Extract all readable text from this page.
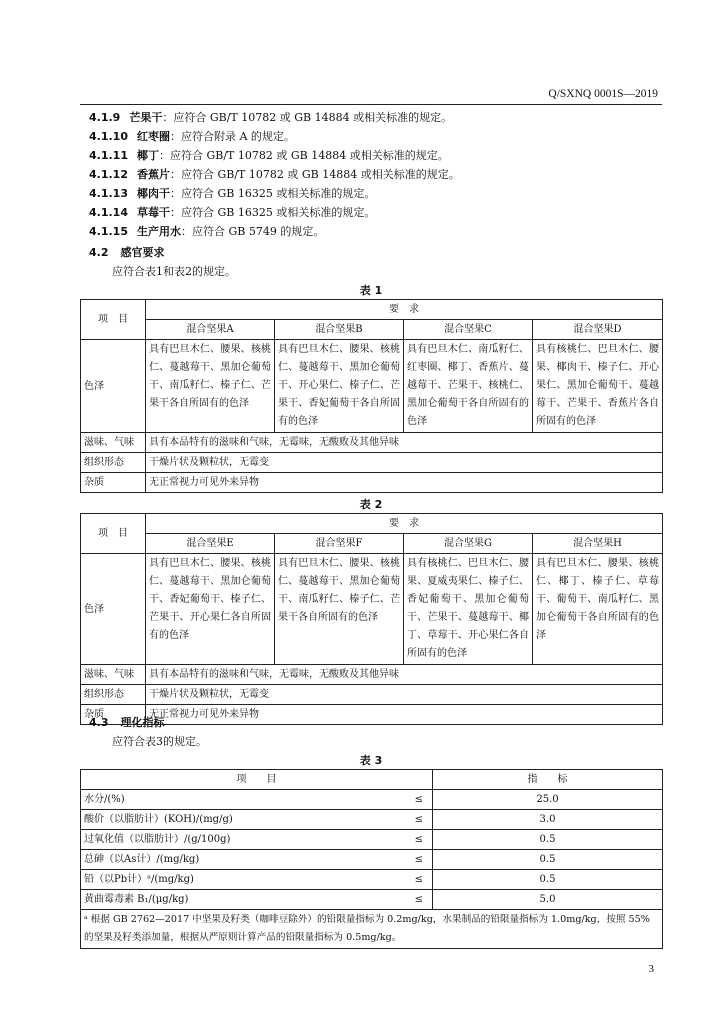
Q/SXNQ 0001S—2019
4.1.9 芒果干：应符合 GB/T 10782 或 GB 14884 或相关标准的规定。
4.1.10 红枣圈：应符合附录 A 的规定。
4.1.11 椰丁：应符合 GB/T 10782 或 GB 14884 或相关标准的规定。
4.1.12 香蕉片：应符合 GB/T 10782 或 GB 14884 或相关标准的规定。
4.1.13 椰肉干：应符合 GB 16325 或相关标准的规定。
4.1.14 草莓干：应符合 GB 16325 或相关标准的规定。
4.1.15 生产用水：应符合 GB 5749 的规定。
4.2 感官要求
应符合表1和表2的规定。
表 1
项　目	要　求			
	混合坚果A	混合坚果B	混合坚果C	混合坚果D
色泽	具有巴旦木仁、腰果、核桃仁、蔓越莓干、黑加仑葡萄干、南瓜籽仁、榛子仁、芒果干各自所固有的色泽	具有巴旦木仁、腰果、核桃仁、蔓越莓干、黑加仑葡萄干、开心果仁、榛子仁、芒果干、香妃葡萄干各自所固有的色泽	具有巴旦木仁、南瓜籽仁、红枣圈、椰丁、香蕉片、蔓越莓干、芒果干、核桃仁、黑加仑葡萄干各自所固有的色泽	具有核桃仁、巴旦木仁、腰果、椰肉干、榛子仁、开心果仁、黑加仑葡萄干、蔓越莓干、芒果干、香蕉片各自所固有的色泽
滋味、气味	具有本品特有的滋味和气味，无霉味，无酸败及其他异味			
组织形态	干燥片状及颗粒状，无霉变			
杂质	无正常视力可见外来异物			
表 2
项　目	要　求			
	混合坚果E	混合坚果F	混合坚果G	混合坚果H
色泽	具有巴旦木仁、腰果、核桃仁、蔓越莓干、黑加仑葡萄干、香妃葡萄干、榛子仁、芒果干、开心果仁各自所固有的色泽	具有巴旦木仁、腰果、核桃仁、蔓越莓干、黑加仑葡萄干、南瓜籽仁、榛子仁、芒果干各自所固有的色泽	具有核桃仁、巴旦木仁、腰果、夏威夷果仁、榛子仁、香妃葡萄干、黑加仑葡萄干、芒果干、蔓越莓干、椰丁、草莓干、开心果仁各自所固有的色泽	具有巴旦木仁、腰果、核桃仁、椰丁、榛子仁、草莓干、葡萄干、南瓜籽仁、黑加仑葡萄干各自所固有的色泽
滋味、气味	具有本品特有的滋味和气味，无霉味，无酸败及其他异味			
组织形态	干燥片状及颗粒状，无霉变			
杂质	无正常视力可见外来异物			
4.3 理化指标
应符合表3的规定。
表 3
项　　目	指　　标
水分/(%) ≤	25.0
酸价（以脂肪计）(KOH)/(mg/g) ≤	3.0
过氧化值（以脂肪计）/(g/100g) ≤	0.5
总砷（以As计）/(mg/kg) ≤	0.5
铅（以Pb计）ᵃ/(mg/kg) ≤	0.5
黄曲霉毒素 B₁/(μg/kg) ≤	5.0
ᵃ 根据 GB 2762—2017 中坚果及籽类（咖啡豆除外）的铅限量指标为 0.2mg/kg，水果制品的铅限量指标为 1.0mg/kg，按照 55%的坚果及籽类添加量，根据从严原则计算产品的铅限量指标为 0.5mg/kg。	
3
